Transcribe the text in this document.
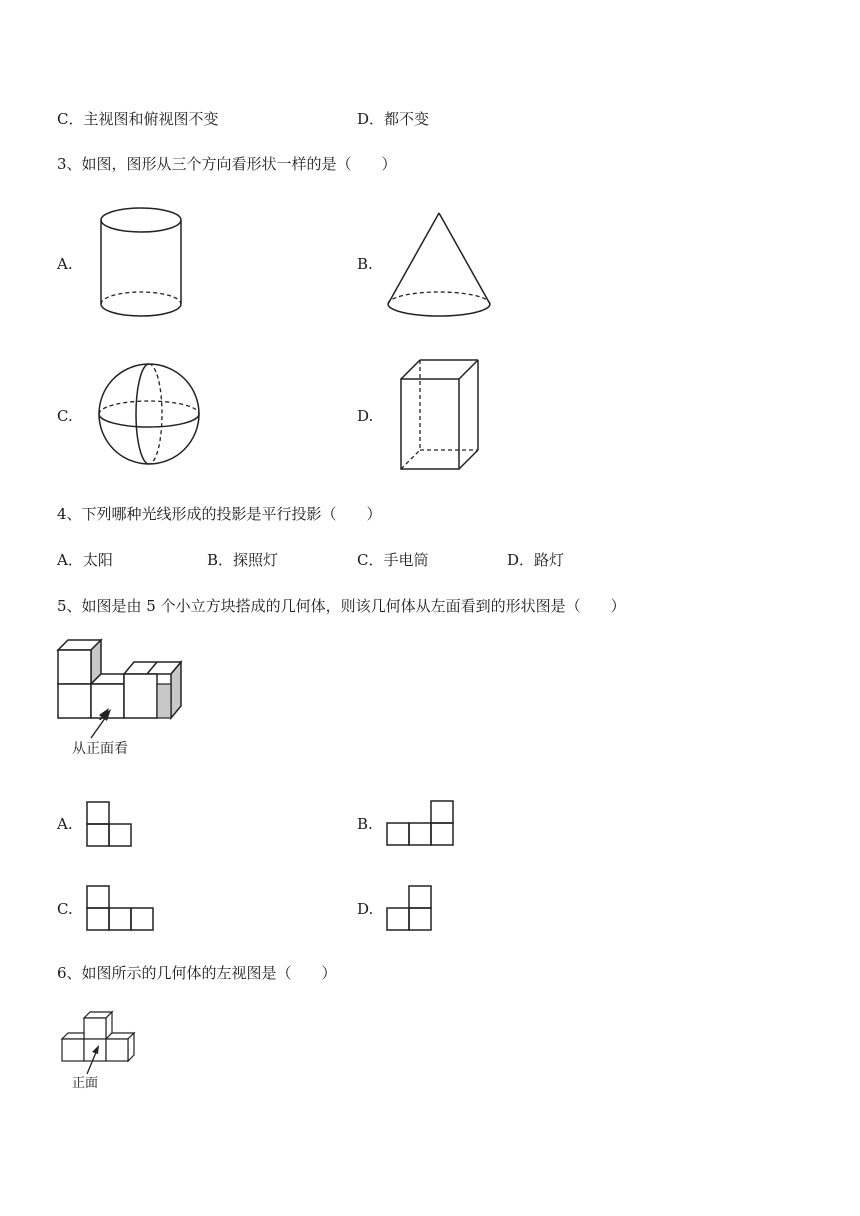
C．主视图和俯视图不变	D．都不变
3、如图，图形从三个方向看形状一样的是（　　）
A.	B.
C.	D.
4、下列哪种光线形成的投影是平行投影（　　）
A．太阳	B．探照灯	C．手电筒	D．路灯
5、如图是由 5 个小立方块搭成的几何体，则该几何体从左面看到的形状图是（　　）
从正面看
A.	B.
C.	D.
6、如图所示的几何体的左视图是（　　）
正面
